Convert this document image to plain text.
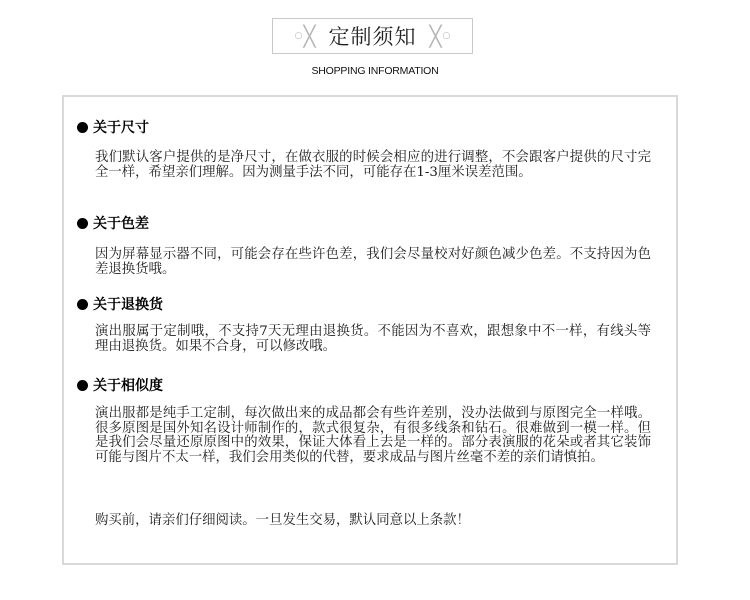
○ ╳ 定制须知 ╳ ○
SHOPPING INFORMATION
关于尺寸
我们默认客户提供的是净尺寸，在做衣服的时候会相应的进行调整，不会跟客户提供的尺寸完全一样，希望亲们理解。因为测量手法不同，可能存在1-3厘米误差范围。
关于色差
因为屏幕显示器不同，可能会存在些许色差，我们会尽量校对好颜色减少色差。不支持因为色差退换货哦。
关于退换货
演出服属于定制哦，不支持7天无理由退换货。不能因为不喜欢，跟想象中不一样，有线头等理由退换货。如果不合身，可以修改哦。
关于相似度
演出服都是纯手工定制，每次做出来的成品都会有些许差别，没办法做到与原图完全一样哦。很多原图是国外知名设计师制作的，款式很复杂，有很多线条和钻石。很难做到一模一样。但是我们会尽量还原原图中的效果，保证大体看上去是一样的。部分表演服的花朵或者其它装饰可能与图片不太一样，我们会用类似的代替，要求成品与图片丝毫不差的亲们请慎拍。
购买前，请亲们仔细阅读。一旦发生交易，默认同意以上条款！
